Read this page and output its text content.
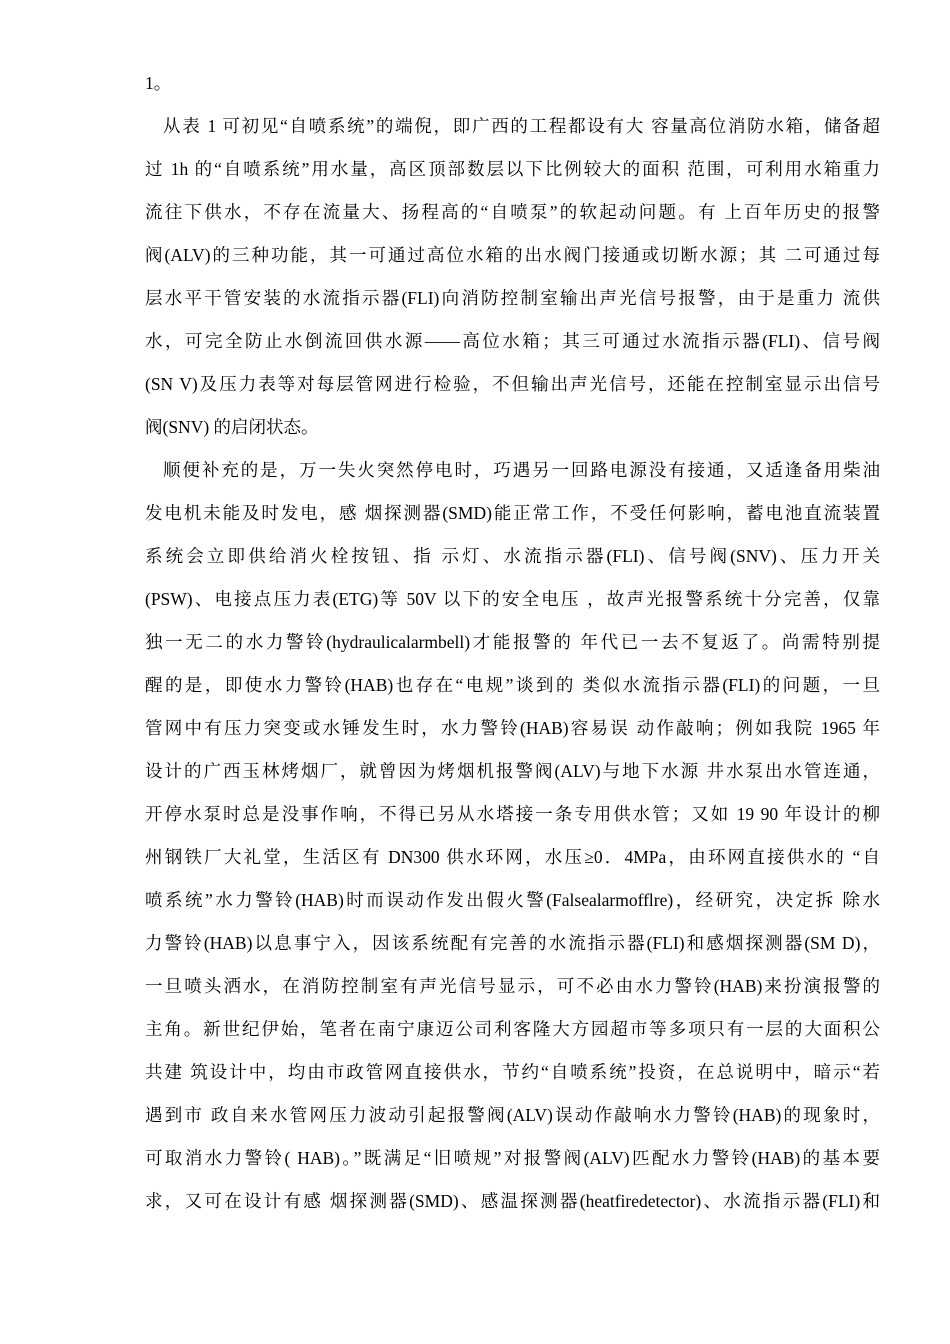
1。
从表 1 可初见“自喷系统”的端倪，即广西的工程都设有大 容量高位消防水箱，储备超
过 1h 的“自喷系统”用水量，高区顶部数层以下比例较大的面积 范围，可利用水箱重力
流往下供水，不存在流量大、扬程高的“自喷泵”的软起动问题。有 上百年历史的报警
阀(ALV)的三种功能，其一可通过高位水箱的出水阀门接通或切断水源；其 二可通过每
层水平干管安装的水流指示器(FLI)向消防控制室输出声光信号报警，由于是重力 流供
水，可完全防止水倒流回供水源——高位水箱；其三可通过水流指示器(FLI)、信号阀
(SN V)及压力表等对每层管网进行检验，不但输出声光信号，还能在控制室显示出信号
阀(SNV) 的启闭状态。
顺便补充的是，万一失火突然停电时，巧遇另一回路电源没有接通，又适逢备用柴油
发电机未能及时发电，感 烟探测器(SMD)能正常工作，不受任何影响，蓄电池直流装置
系统会立即供给消火栓按钮、指 示灯、水流指示器(FLI)、信号阀(SNV)、压力开关
(PSW)、电接点压力表(ETG)等 50V 以下的安全电压 ，故声光报警系统十分完善，仅靠
独一无二的水力警铃(hydraulicalarmbell)才能报警的 年代已一去不复返了。尚需特别提
醒的是，即使水力警铃(HAB)也存在“电规”谈到的 类似水流指示器(FLI)的问题，一旦
管网中有压力突变或水锤发生时，水力警铃(HAB)容易误 动作敲响；例如我院 1965 年
设计的广西玉林烤烟厂，就曾因为烤烟机报警阀(ALV)与地下水源 井水泵出水管连通，
开停水泵时总是没事作响，不得已另从水塔接一条专用供水管；又如 19 90 年设计的柳
州钢铁厂大礼堂，生活区有 DN300 供水环网，水压≥0．4MPa，由环网直接供水的 “自
喷系统”水力警铃(HAB)时而误动作发出假火警(Falsealarmofflre)，经研究，决定拆 除水
力警铃(HAB)以息事宁入，因该系统配有完善的水流指示器(FLI)和感烟探测器(SM D)，
一旦喷头洒水，在消防控制室有声光信号显示，可不必由水力警铃(HAB)来扮演报警的
主角。新世纪伊始，笔者在南宁康迈公司利客隆大方园超市等多项只有一层的大面积公
共建 筑设计中，均由市政管网直接供水，节约“自喷系统”投资，在总说明中，暗示“若
遇到市 政自来水管网压力波动引起报警阀(ALV)误动作敲响水力警铃(HAB)的现象时，
可取消水力警铃( HAB)。”既满足“旧喷规”对报警阀(ALV)匹配水力警铃(HAB)的基本要
求，又可在设计有感 烟探测器(SMD)、感温探测器(heatfiredetector)、水流指示器(FLI)和
